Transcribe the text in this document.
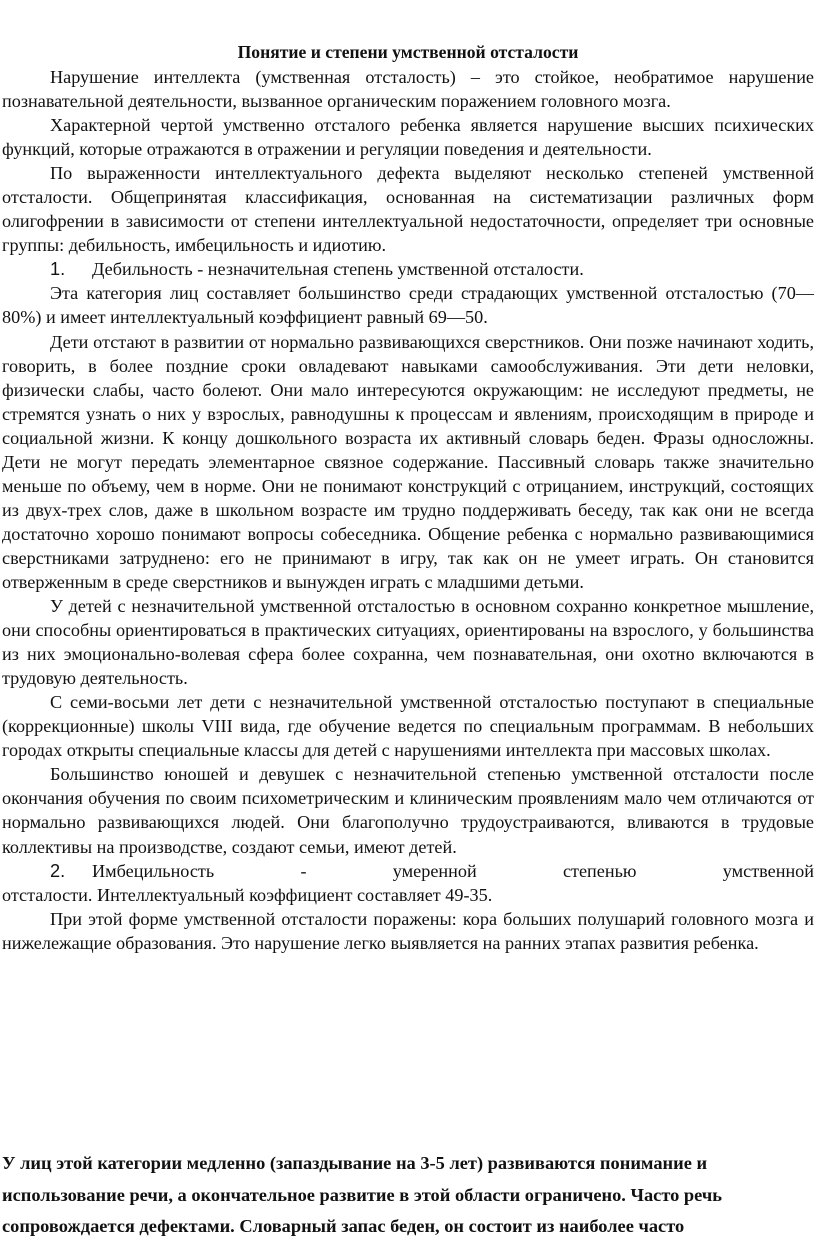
Понятие и степени умственной отсталости

Нарушение интеллекта (умственная отсталость) – это стойкое, необратимое нарушение познавательной деятельности, вызванное органическим поражением головного мозга.

Характерной чертой умственно отсталого ребенка является нарушение высших психических функций, которые отражаются в отражении и регуляции поведения и деятельности.

По выраженности интеллектуального дефекта выделяют несколько степеней умственной отсталости. Общепринятая классификация, основанная на систематизации различных форм олигофрении в зависимости от степени интеллектуальной недостаточности, определяет три основные группы: дебильность, имбецильность и идиотию.

1.	Дебильность - незначительная степень умственной отсталости.

Эта категория лиц составляет большинство среди страдающих умственной отсталостью (70—80%) и имеет интеллектуальный коэффициент равный 69—50.

Дети отстают в развитии от нормально развивающихся сверстников. Они позже начинают ходить, говорить, в более поздние сроки овладевают навыками самообслуживания. Эти дети неловки, физически слабы, часто болеют. Они мало интересуются окружающим: не исследуют предметы, не стремятся узнать о них у взрослых, равнодушны к процессам и явлениям, происходящим в природе и социальной жизни. К концу дошкольного возраста их активный словарь беден. Фразы односложны. Дети не могут передать элементарное связное содержание. Пассивный словарь также значительно меньше по объему, чем в норме. Они не понимают конструкций с отрицанием, инструкций, состоящих из двух-трех слов, даже в школьном возрасте им трудно поддерживать беседу, так как они не всегда достаточно хорошо понимают вопросы собеседника. Общение ребенка с нормально развивающимися сверстниками затруднено: его не принимают в игру, так как он не умеет играть. Он становится отверженным в среде сверстников и вынужден играть с младшими детьми.

У детей с незначительной умственной отсталостью в основном сохранно конкретное мышление, они способны ориентироваться в практических ситуациях, ориентированы на взрослого, у большинства из них эмоционально-волевая сфера более сохранна, чем познавательная, они охотно включаются в трудовую деятельность.

С семи-восьми лет дети с незначительной умственной отсталостью поступают в специальные (коррекционные) школы VIII вида, где обучение ведется по специальным программам. В небольших городах открыты специальные классы для детей с нарушениями интеллекта при массовых школах.

Большинство юношей и девушек с незначительной степенью умственной отсталости после окончания обучения по своим психометрическим и клиническим проявлениям мало чем отличаются от нормально развивающихся людей. Они благополучно трудоустраиваются, вливаются в трудовые коллективы на производстве, создают семьи, имеют детей.

2.	Имбецильность - умеренной степенью умственной

отсталости. Интеллектуальный коэффициент составляет 49-35.

При этой форме умственной отсталости поражены: кора больших полушарий головного мозга и нижележащие образования. Это нарушение легко выявляется на ранних этапах развития ребенка.

У лиц этой категории медленно (запаздывание на 3-5 лет) развиваются понимание и использование речи, а окончательное развитие в этой области ограничено. Часто речь сопровождается дефектами. Словарный запас беден, он состоит из наиболее часто
